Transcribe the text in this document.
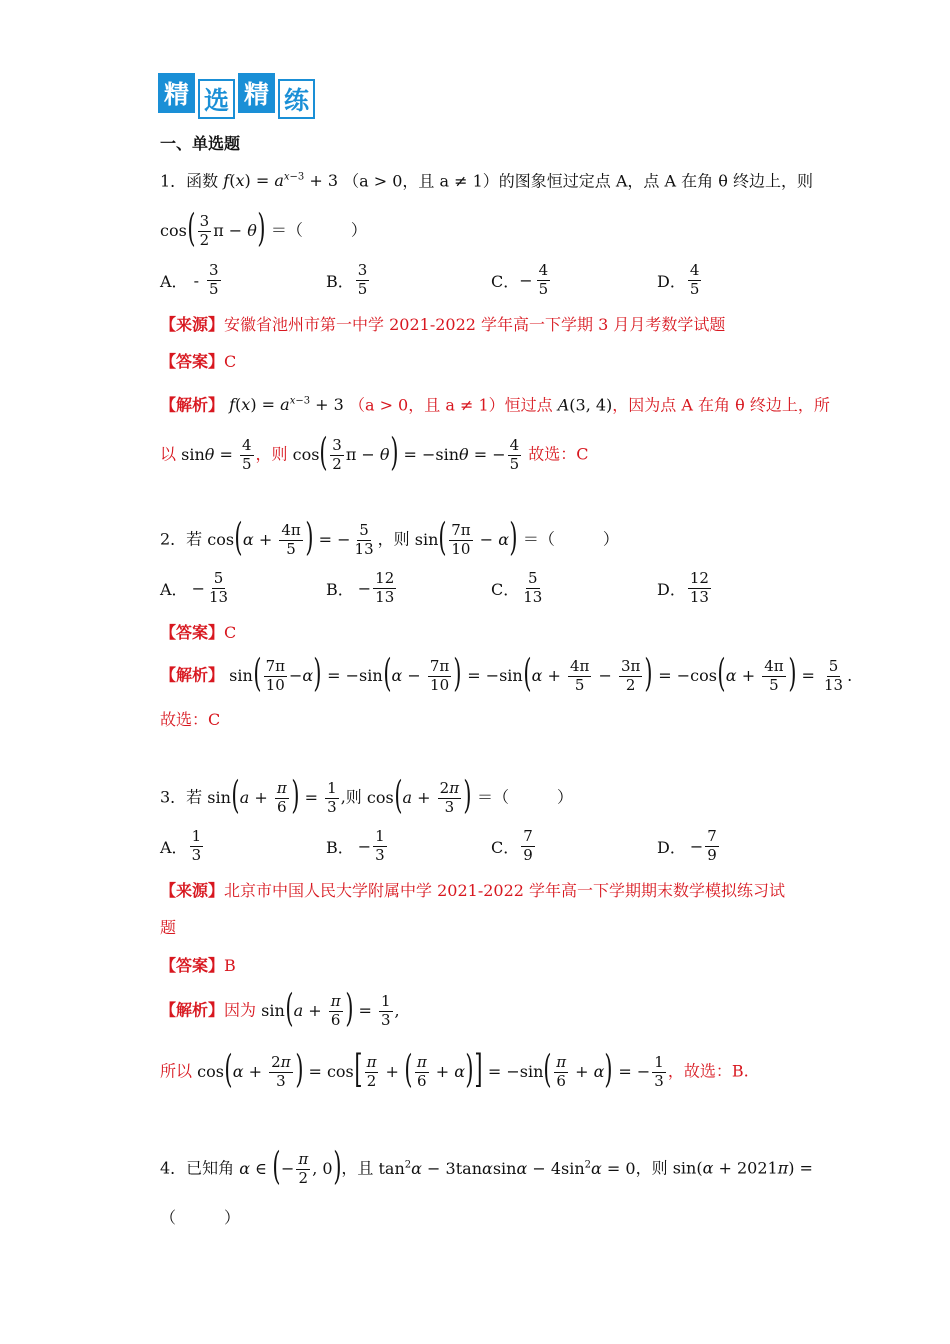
精 选 精 练
一、单选题
1．函数 $f(x) = a^{x-3} + 3$ （a > 0，且 a ≠ 1）的图象恒过定点 A，点 A 在角 θ 终边上，则
$\cos( \frac{3}{2}$ π − θ) ＝（　　　）
A． - $\frac{3}{5}$	B． $\frac{3}{5}$	C． − $\frac{4}{5}$	D． $\frac{4}{5}$
【来源】安徽省池州市第一中学 2021-2022 学年高一下学期 3 月月考数学试题
【答案】C
【解析】 $f(x) = a^{x-3} + 3$ （a > 0，且 a ≠ 1）恒过点 A(3, 4)，因为点 A 在角 θ 终边上，所
以 $\sin\theta = \frac{4}{5}$ ，则 $\cos( \frac{3}{2}$ π − θ) = −sinθ = − $\frac{4}{5}$ 故选：C
2．若 $\cos(\alpha + \frac{4\pi}{5}$ ) = − $\frac{5}{13}$ ，则 $\sin( \frac{7\pi}{10} - \alpha)$ ＝（　　　）
A． − $\frac{5}{13}$	B． − $\frac{12}{13}$	C． $\frac{5}{13}$	D． $\frac{12}{13}$
【答案】C
【解析】 $\sin( \frac{7\pi}{10} -\alpha) = -\sin(\alpha - \frac{7\pi}{10}$ ) = $-\sin(\alpha + \frac{4\pi}{5} - \frac{3\pi}{2}$ ) = $-\cos(\alpha + \frac{4\pi}{5}$ ) = $\frac{5}{13}$ .
故选：C
3．若 $\sin(a + \frac{\pi}{6}$ ) = $\frac{1}{3}$ ,则 $\cos(a + \frac{2\pi}{3}$ ) ＝（　　　）
A． $\frac{1}{3}$	B． − $\frac{1}{3}$	C． $\frac{7}{9}$	D． − $\frac{7}{9}$
【来源】北京市中国人民大学附属中学 2021-2022 学年高一下学期期末数学模拟练习试
题
【答案】B
【解析】因为 $\sin(a + \frac{\pi}{6}$ ) = $\frac{1}{3}$ ,
所以 $\cos(\alpha + \frac{2\pi}{3}$ ) = $\cos[ \frac{\pi}{2}$ + ( $\frac{\pi}{6} + \alpha)] = -\sin( \frac{\pi}{6} + \alpha)$ = − $\frac{1}{3}$ ，故选：B.
4．已知角 α ∈ (− $\frac{\pi}{2}$ , 0)，且 $\tan^2\alpha - 3\tan\alpha\sin\alpha - 4\sin^2\alpha = 0$，则 sin(α + 2021π) =
（　　　）
